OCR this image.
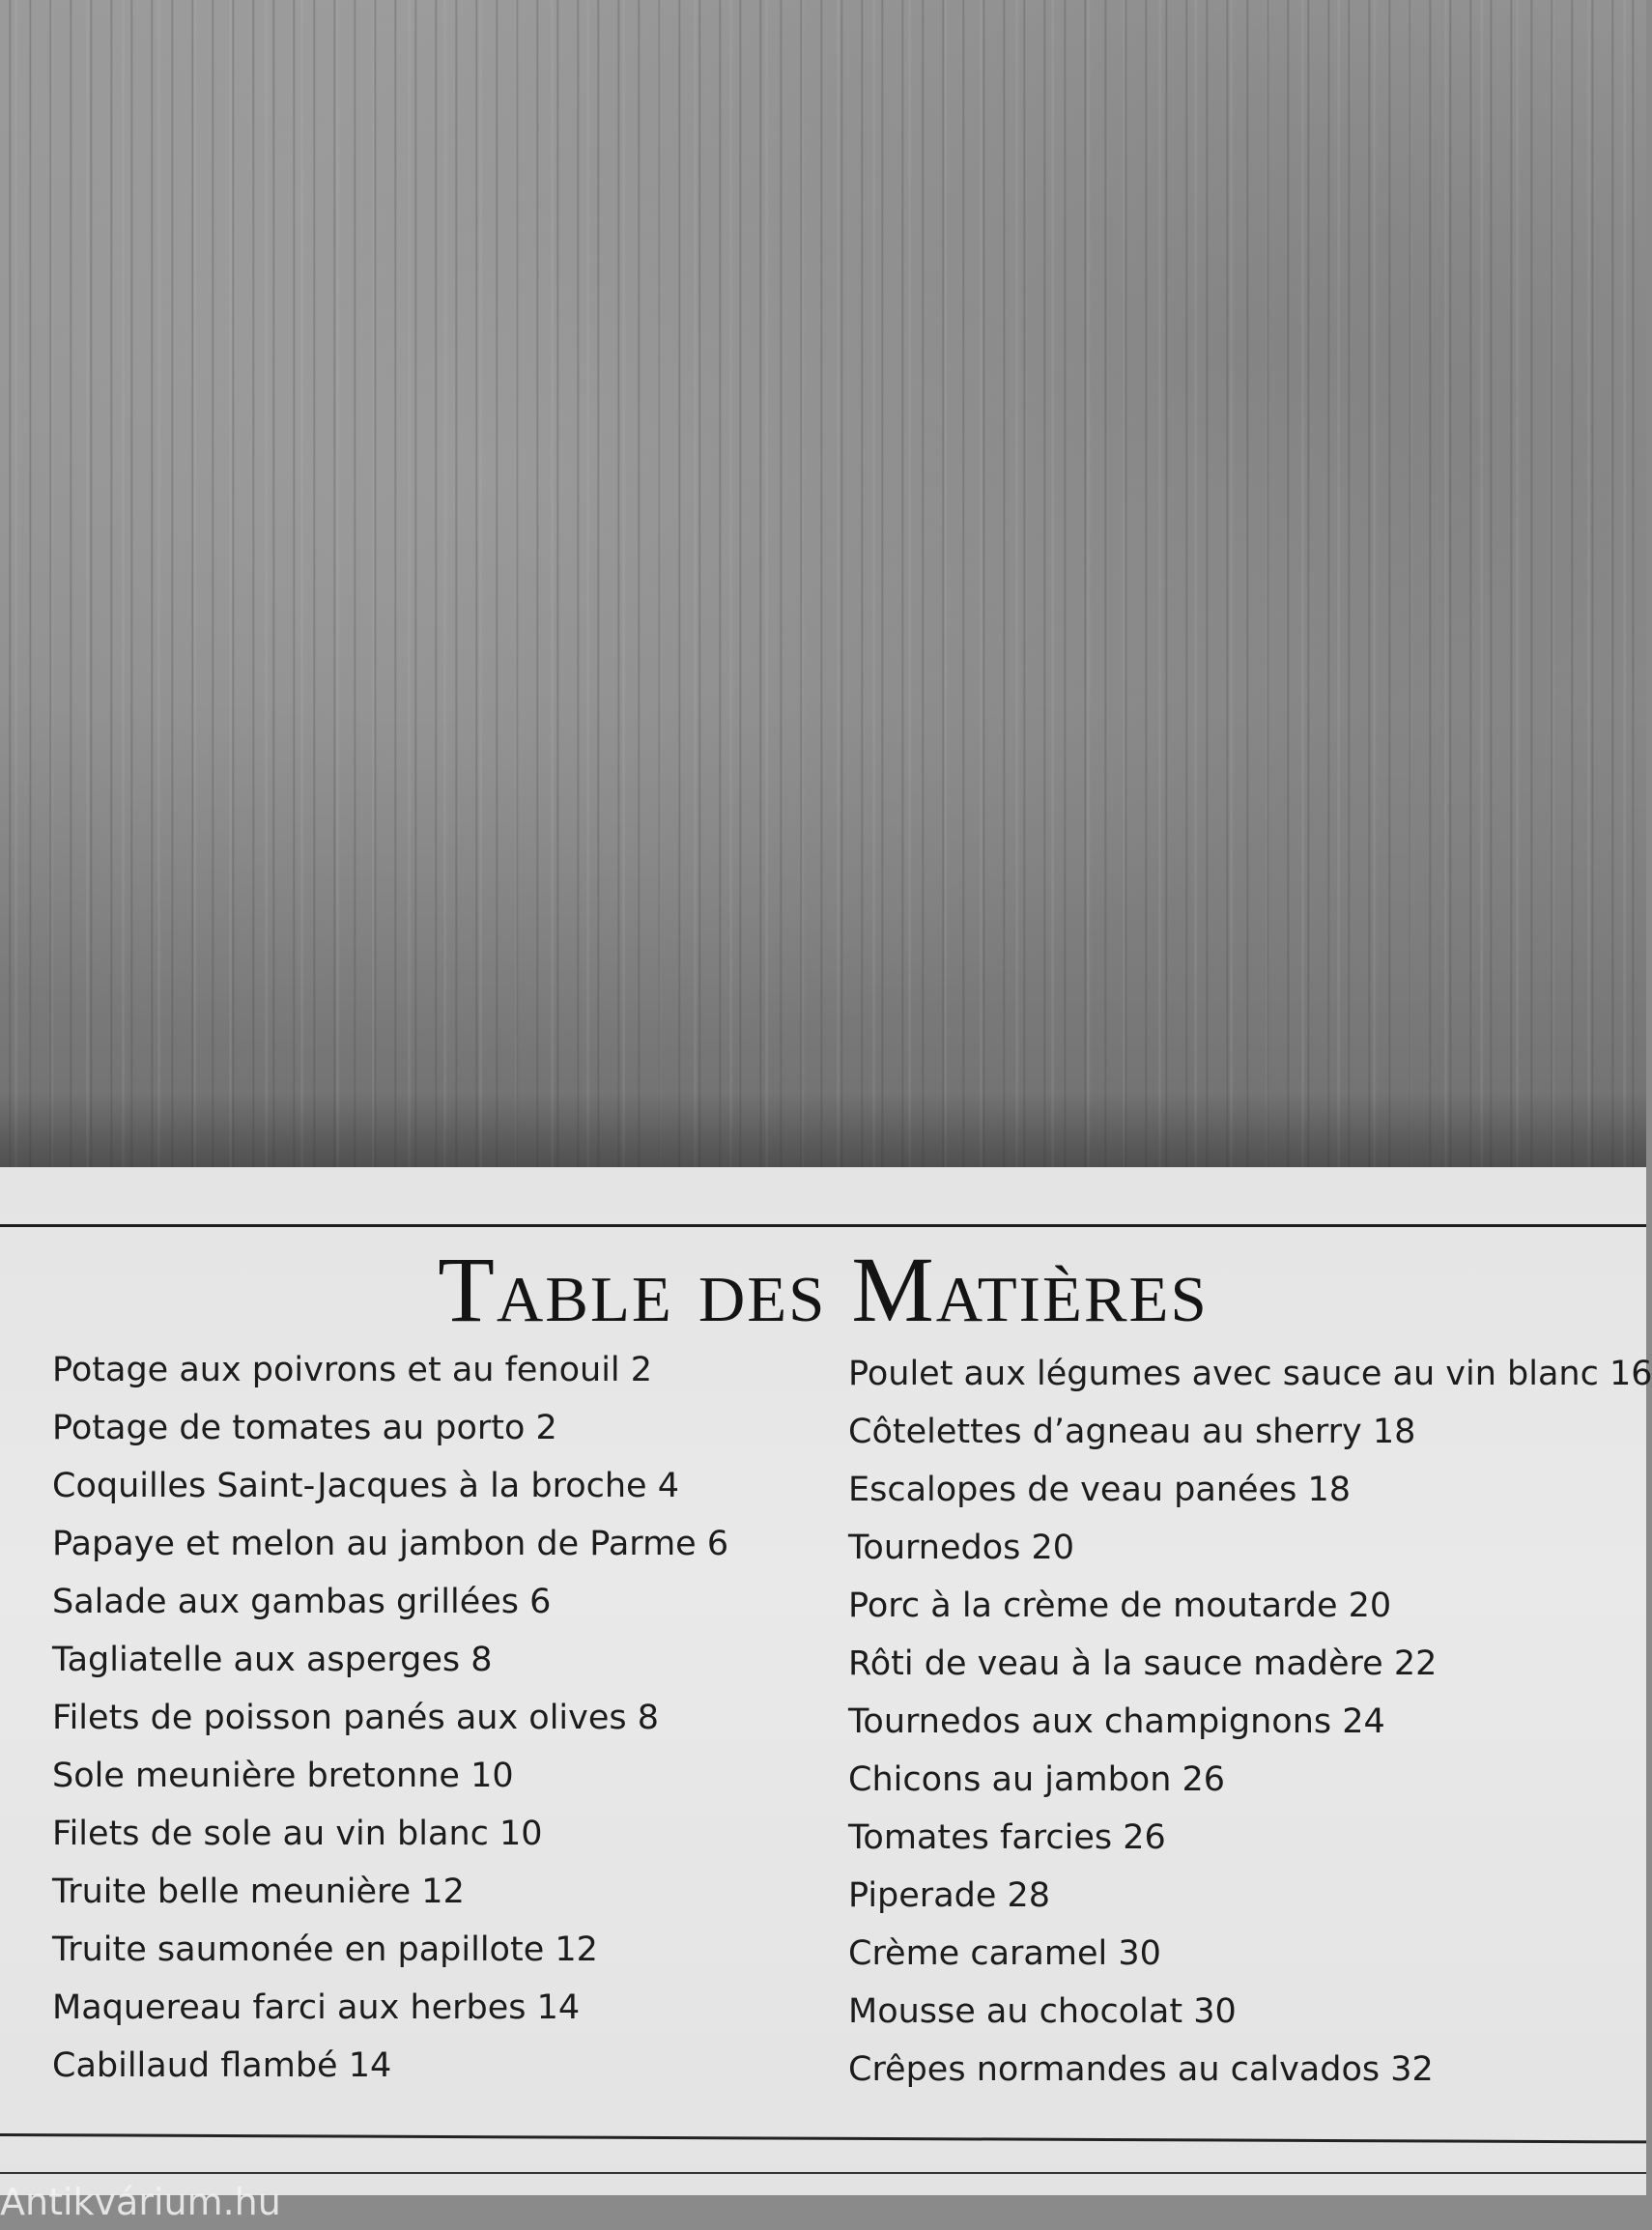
Table des Matières
Potage aux poivrons et au fenouil 2
Potage de tomates au porto 2
Coquilles Saint-Jacques à la broche 4
Papaye et melon au jambon de Parme 6
Salade aux gambas grillées 6
Tagliatelle aux asperges 8
Filets de poisson panés aux olives 8
Sole meunière bretonne 10
Filets de sole au vin blanc 10
Truite belle meunière 12
Truite saumonée en papillote 12
Maquereau farci aux herbes 14
Cabillaud flambé 14
Poulet aux légumes avec sauce au vin blanc 16
Côtelettes d’agneau au sherry 18
Escalopes de veau panées 18
Tournedos 20
Porc à la crème de moutarde 20
Rôti de veau à la sauce madère 22
Tournedos aux champignons 24
Chicons au jambon 26
Tomates farcies 26
Piperade 28
Crème caramel 30
Mousse au chocolat 30
Crêpes normandes au calvados 32
Antikvárium.hu
